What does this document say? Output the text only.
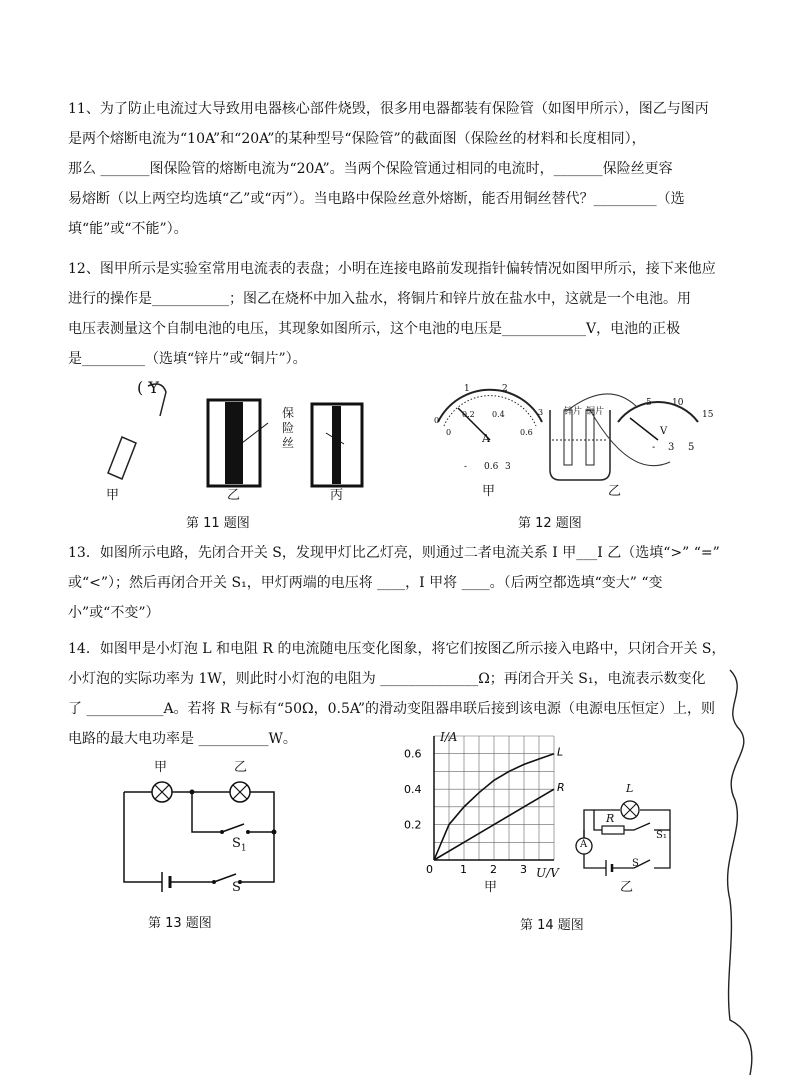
11、为了防止电流过大导致用电器核心部件烧毁，很多用电器都装有保险管（如图甲所示），图乙与图丙
是两个熔断电流为“10A”和“20A”的某种型号“保险管”的截面图（保险丝的材料和长度相同），
那么 _______图保险管的熔断电流为“20A”。当两个保险管通过相同的电流时，_______保险丝更容
易熔断（以上两空均选填“乙”或“丙”）。当电路中保险丝意外熔断，能否用铜丝替代？_________（选
填“能”或“不能”）。
12、图甲所示是实验室常用电流表的表盘；小明在连接电路前发现指针偏转情况如图甲所示，接下来他应
进行的操作是___________；图乙在烧杯中加入盐水，将铜片和锌片放在盐水中，这就是一个电池。用
电压表测量这个自制电池的电压，其现象如图所示，这个电池的电压是____________V，电池的正极
是_________（选填“锌片”或“铜片”）。
( Y
保险丝
甲	乙	丙
第 11 题图
1	2
0.2 0.4
0
0
3
0.6
A
- 0.6 3
锌片 铜片
5 10
15
V
- 3 5
甲	乙
第 12 题图
13．如图所示电路，先闭合开关 S，发现甲灯比乙灯亮，则通过二者电流关系 I 甲___I 乙（选填“>” “=”
或“<”）；然后再闭合开关 S₁，甲灯两端的电压将 ____，I 甲将 ____。（后两空都选填“变大” “变
小”或“不变”）
14．如图甲是小灯泡 L 和电阻 R 的电流随电压变化图象，将它们按图乙所示接入电路中，只闭合开关 S，
小灯泡的实际功率为 1W，则此时小灯泡的电阻为 ______________Ω；再闭合开关 S₁，电流表示数变化
了 ___________A。若将 R 与标有“50Ω，0.5A”的滑动变阻器串联后接到该电源（电源电压恒定）上，则
电路的最大电功率是 __________W。
甲	乙
$S_1$
S
第 13 题图
L
R
0.6
0.4
0.2
0 1 2 3
I/A
U/V
甲
L
R
A
S₁
S
乙
第 14 题图
